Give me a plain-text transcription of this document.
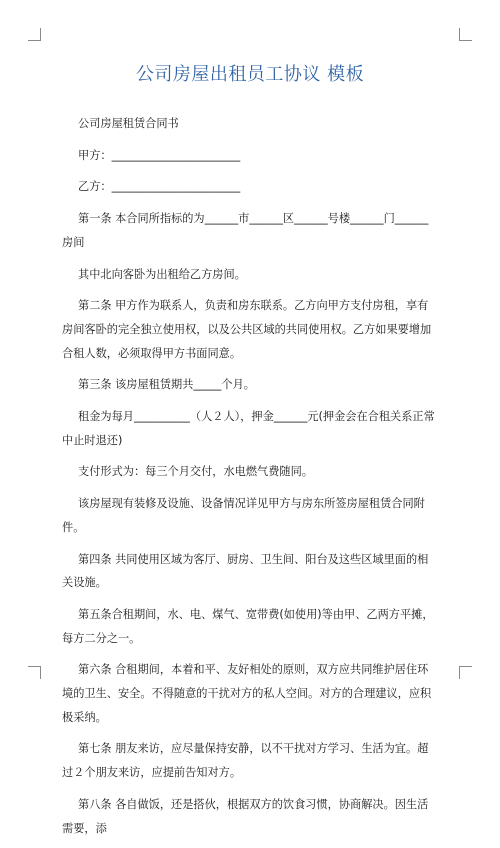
公司房屋出租员工协议 模板

公司房屋租赁合同书

甲方：_______________________

乙方：_______________________

第一条 本合同所指标的为______市______区______号楼______门______房间

其中北向客卧为出租给乙方房间。

第二条 甲方作为联系人，负责和房东联系。乙方向甲方支付房租，享有房间客卧的完全独立使用权，以及公共区域的共同使用权。乙方如果要增加合租人数，必须取得甲方书面同意。

第三条 该房屋租赁期共_____个月。

租金为每月__________（人２人），押金______元(押金会在合租关系正常中止时退还)

支付形式为：每三个月交付，水电燃气费随同。

该房屋现有装修及设施、设备情况详见甲方与房东所签房屋租赁合同附件。

第四条 共同使用区域为客厅、厨房、卫生间、阳台及这些区域里面的相关设施。

第五条合租期间，水、电、煤气、宽带费(如使用)等由甲、乙两方平摊，每方二分之一。

第六条 合租期间，本着和平、友好相处的原则，双方应共同维护居住环境的卫生、安全。不得随意的干扰对方的私人空间。对方的合理建议，应积极采纳。

第七条 朋友来访，应尽量保持安静，以不干扰对方学习、生活为宜。超过２个朋友来访，应提前告知对方。

第八条 各自做饭，还是搭伙，根据双方的饮食习惯，协商解决。因生活需要，添
